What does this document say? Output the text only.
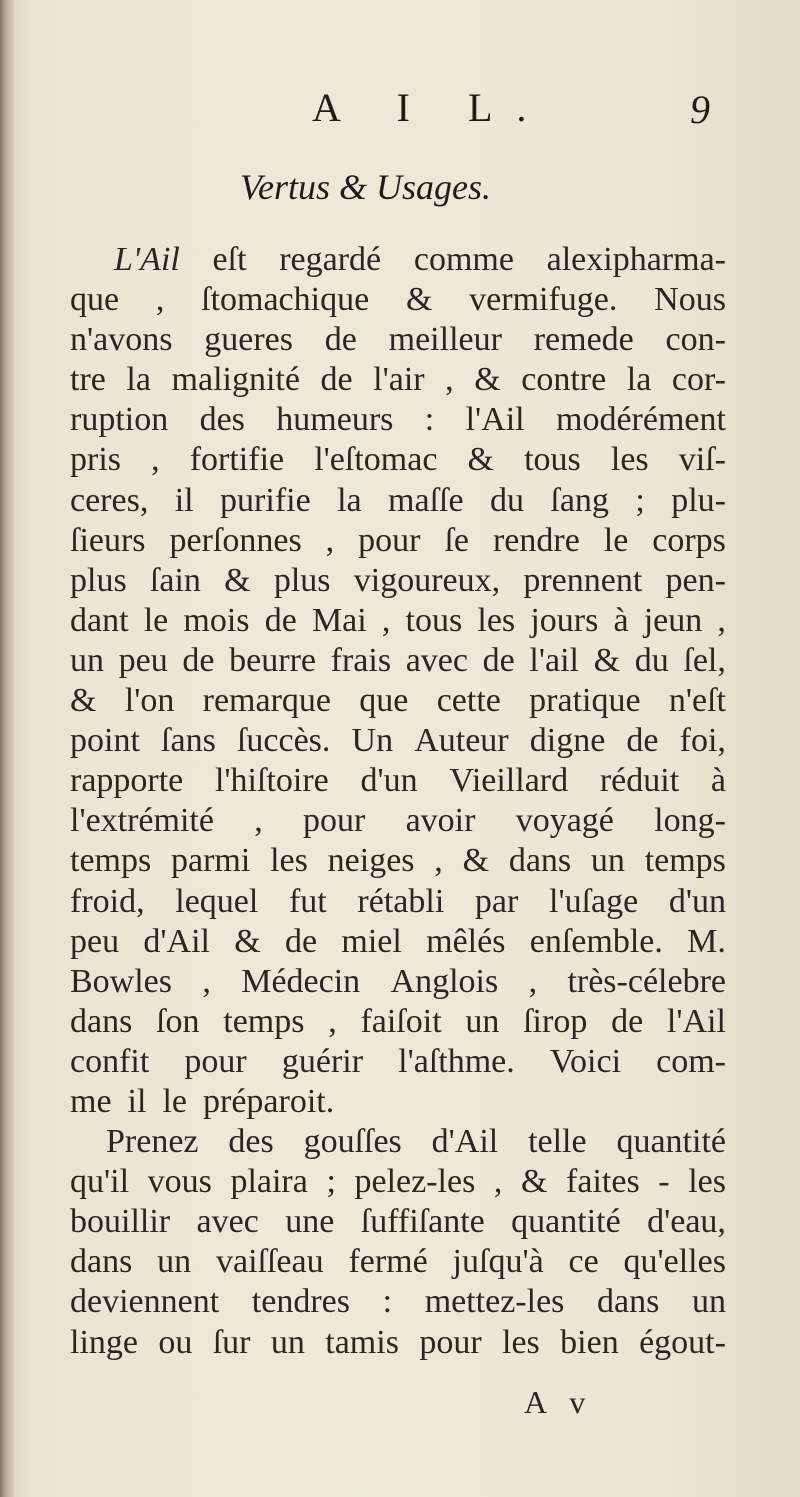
A I L.	9
Vertus & Usages.
L'Ail eſt regardé comme alexipharma-
que , ſtomachique & vermifuge. Nous
n'avons gueres de meilleur remede con-
tre la malignité de l'air , & contre la cor-
ruption des humeurs : l'Ail modérément
pris , fortifie l'eſtomac & tous les viſ-
ceres, il purifie la maſſe du ſang ; plu-
ſieurs perſonnes , pour ſe rendre le corps
plus ſain & plus vigoureux, prennent pen-
dant le mois de Mai , tous les jours à jeun ,
un peu de beurre frais avec de l'ail & du ſel,
& l'on remarque que cette pratique n'eſt
point ſans ſuccès. Un Auteur digne de foi,
rapporte l'hiſtoire d'un Vieillard réduit à
l'extrémité , pour avoir voyagé long-
temps parmi les neiges , & dans un temps
froid, lequel fut rétabli par l'uſage d'un
peu d'Ail & de miel mêlés enſemble. M.
Bowles , Médecin Anglois , très-célebre
dans ſon temps , faiſoit un ſirop de l'Ail
confit pour guérir l'aſthme. Voici com-
me il le préparoit.
Prenez des gouſſes d'Ail telle quantité
qu'il vous plaira ; pelez-les , & faites - les
bouillir avec une ſuffiſante quantité d'eau,
dans un vaiſſeau fermé juſqu'à ce qu'elles
deviennent tendres : mettez-les dans un
linge ou ſur un tamis pour les bien égout-
A v
